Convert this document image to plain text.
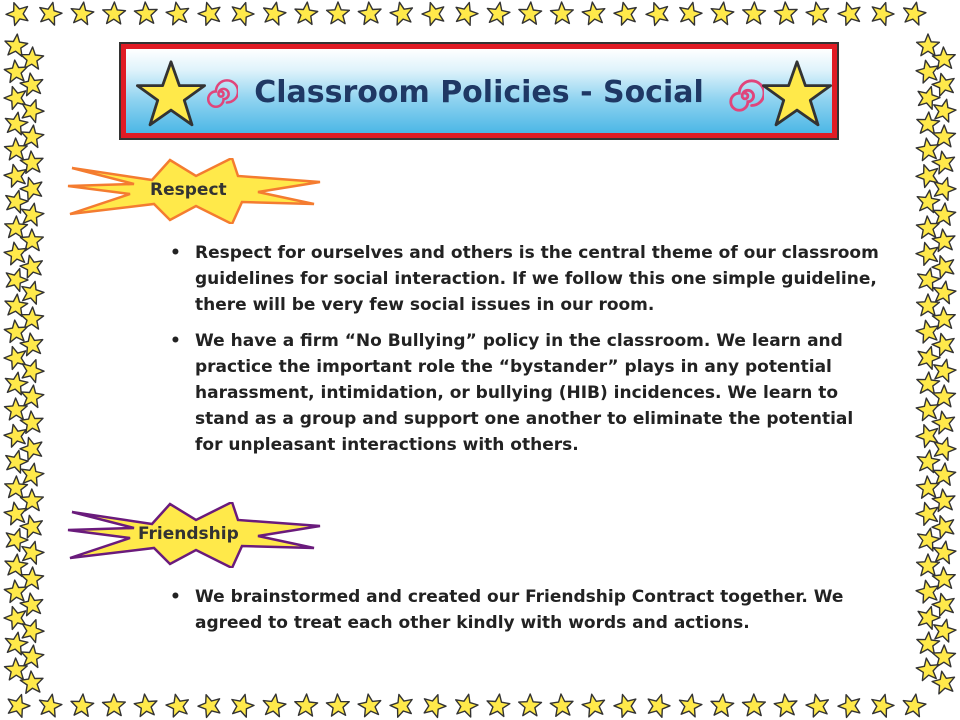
Classroom Policies - Social
Respect
• Respect for ourselves and others is the central theme of our classroom guidelines for social interaction. If we follow this one simple guideline, there will be very few social issues in our room.
• We have a firm “No Bullying” policy in the classroom. We learn and practice the important role the “bystander” plays in any potential harassment, intimidation, or bullying (HIB) incidences. We learn to stand as a group and support one another to eliminate the potential for unpleasant interactions with others.
Friendship
• We brainstormed and created our Friendship Contract together. We agreed to treat each other kindly with words and actions.
